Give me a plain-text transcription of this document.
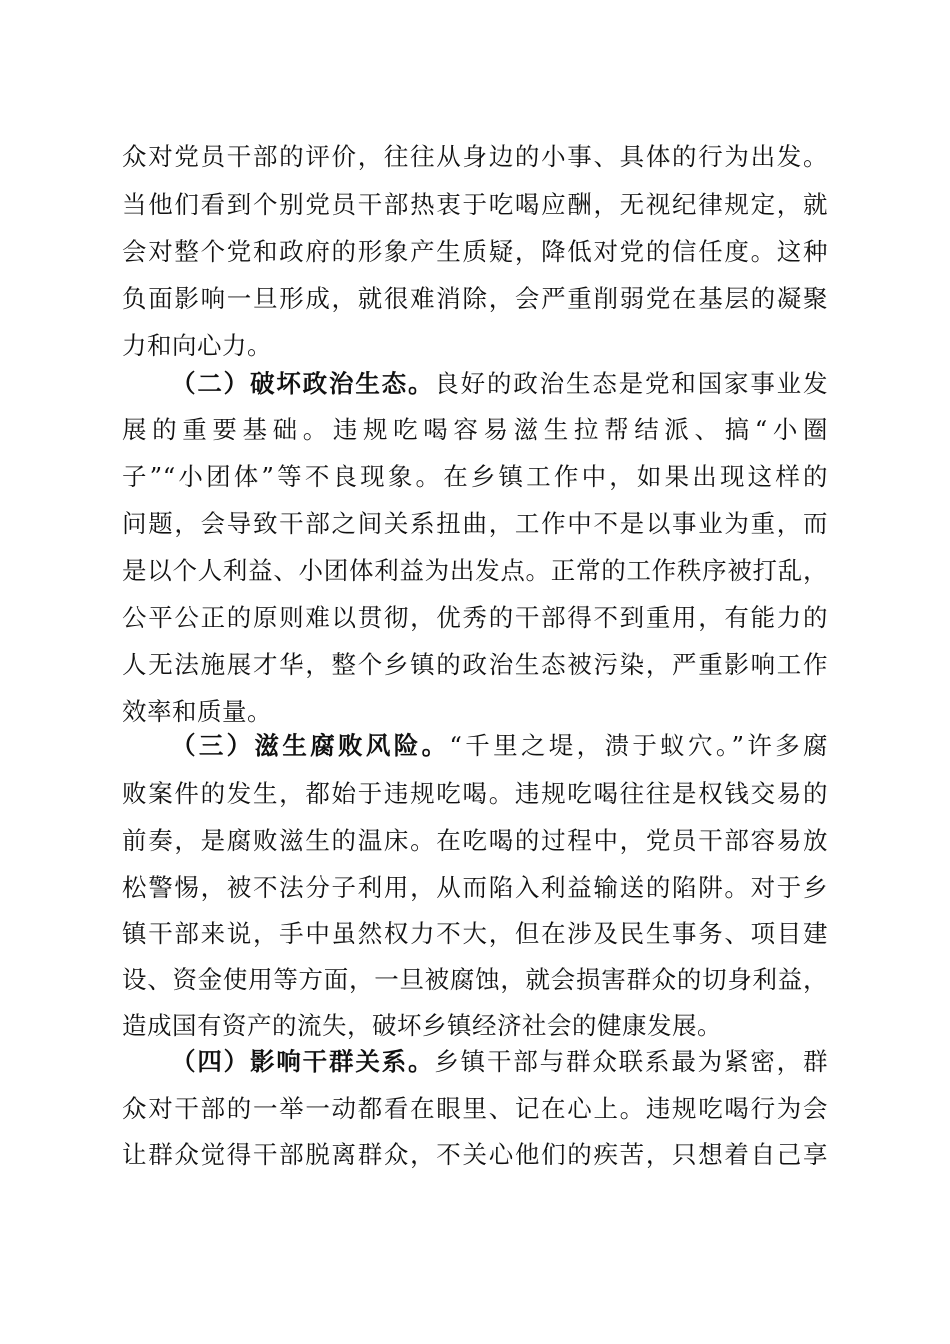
众对党员干部的评价，往往从身边的小事、具体的行为出发。
当他们看到个别党员干部热衷于吃喝应酬，无视纪律规定，就
会对整个党和政府的形象产生质疑，降低对党的信任度。这种
负面影响一旦形成，就很难消除，会严重削弱党在基层的凝聚
力和向心力。
（二）破坏政治生态。良好的政治生态是党和国家事业发
展的重要基础。违规吃喝容易滋生拉帮结派、搞“小圈
子”“小团体”等不良现象。在乡镇工作中，如果出现这样的
问题，会导致干部之间关系扭曲，工作中不是以事业为重，而
是以个人利益、小团体利益为出发点。正常的工作秩序被打乱，
公平公正的原则难以贯彻，优秀的干部得不到重用，有能力的
人无法施展才华，整个乡镇的政治生态被污染，严重影响工作
效率和质量。
（三）滋生腐败风险。“千里之堤，溃于蚁穴。”许多腐
败案件的发生，都始于违规吃喝。违规吃喝往往是权钱交易的
前奏，是腐败滋生的温床。在吃喝的过程中，党员干部容易放
松警惕，被不法分子利用，从而陷入利益输送的陷阱。对于乡
镇干部来说，手中虽然权力不大，但在涉及民生事务、项目建
设、资金使用等方面，一旦被腐蚀，就会损害群众的切身利益，
造成国有资产的流失，破坏乡镇经济社会的健康发展。
（四）影响干群关系。乡镇干部与群众联系最为紧密，群
众对干部的一举一动都看在眼里、记在心上。违规吃喝行为会
让群众觉得干部脱离群众，不关心他们的疾苦，只想着自己享
